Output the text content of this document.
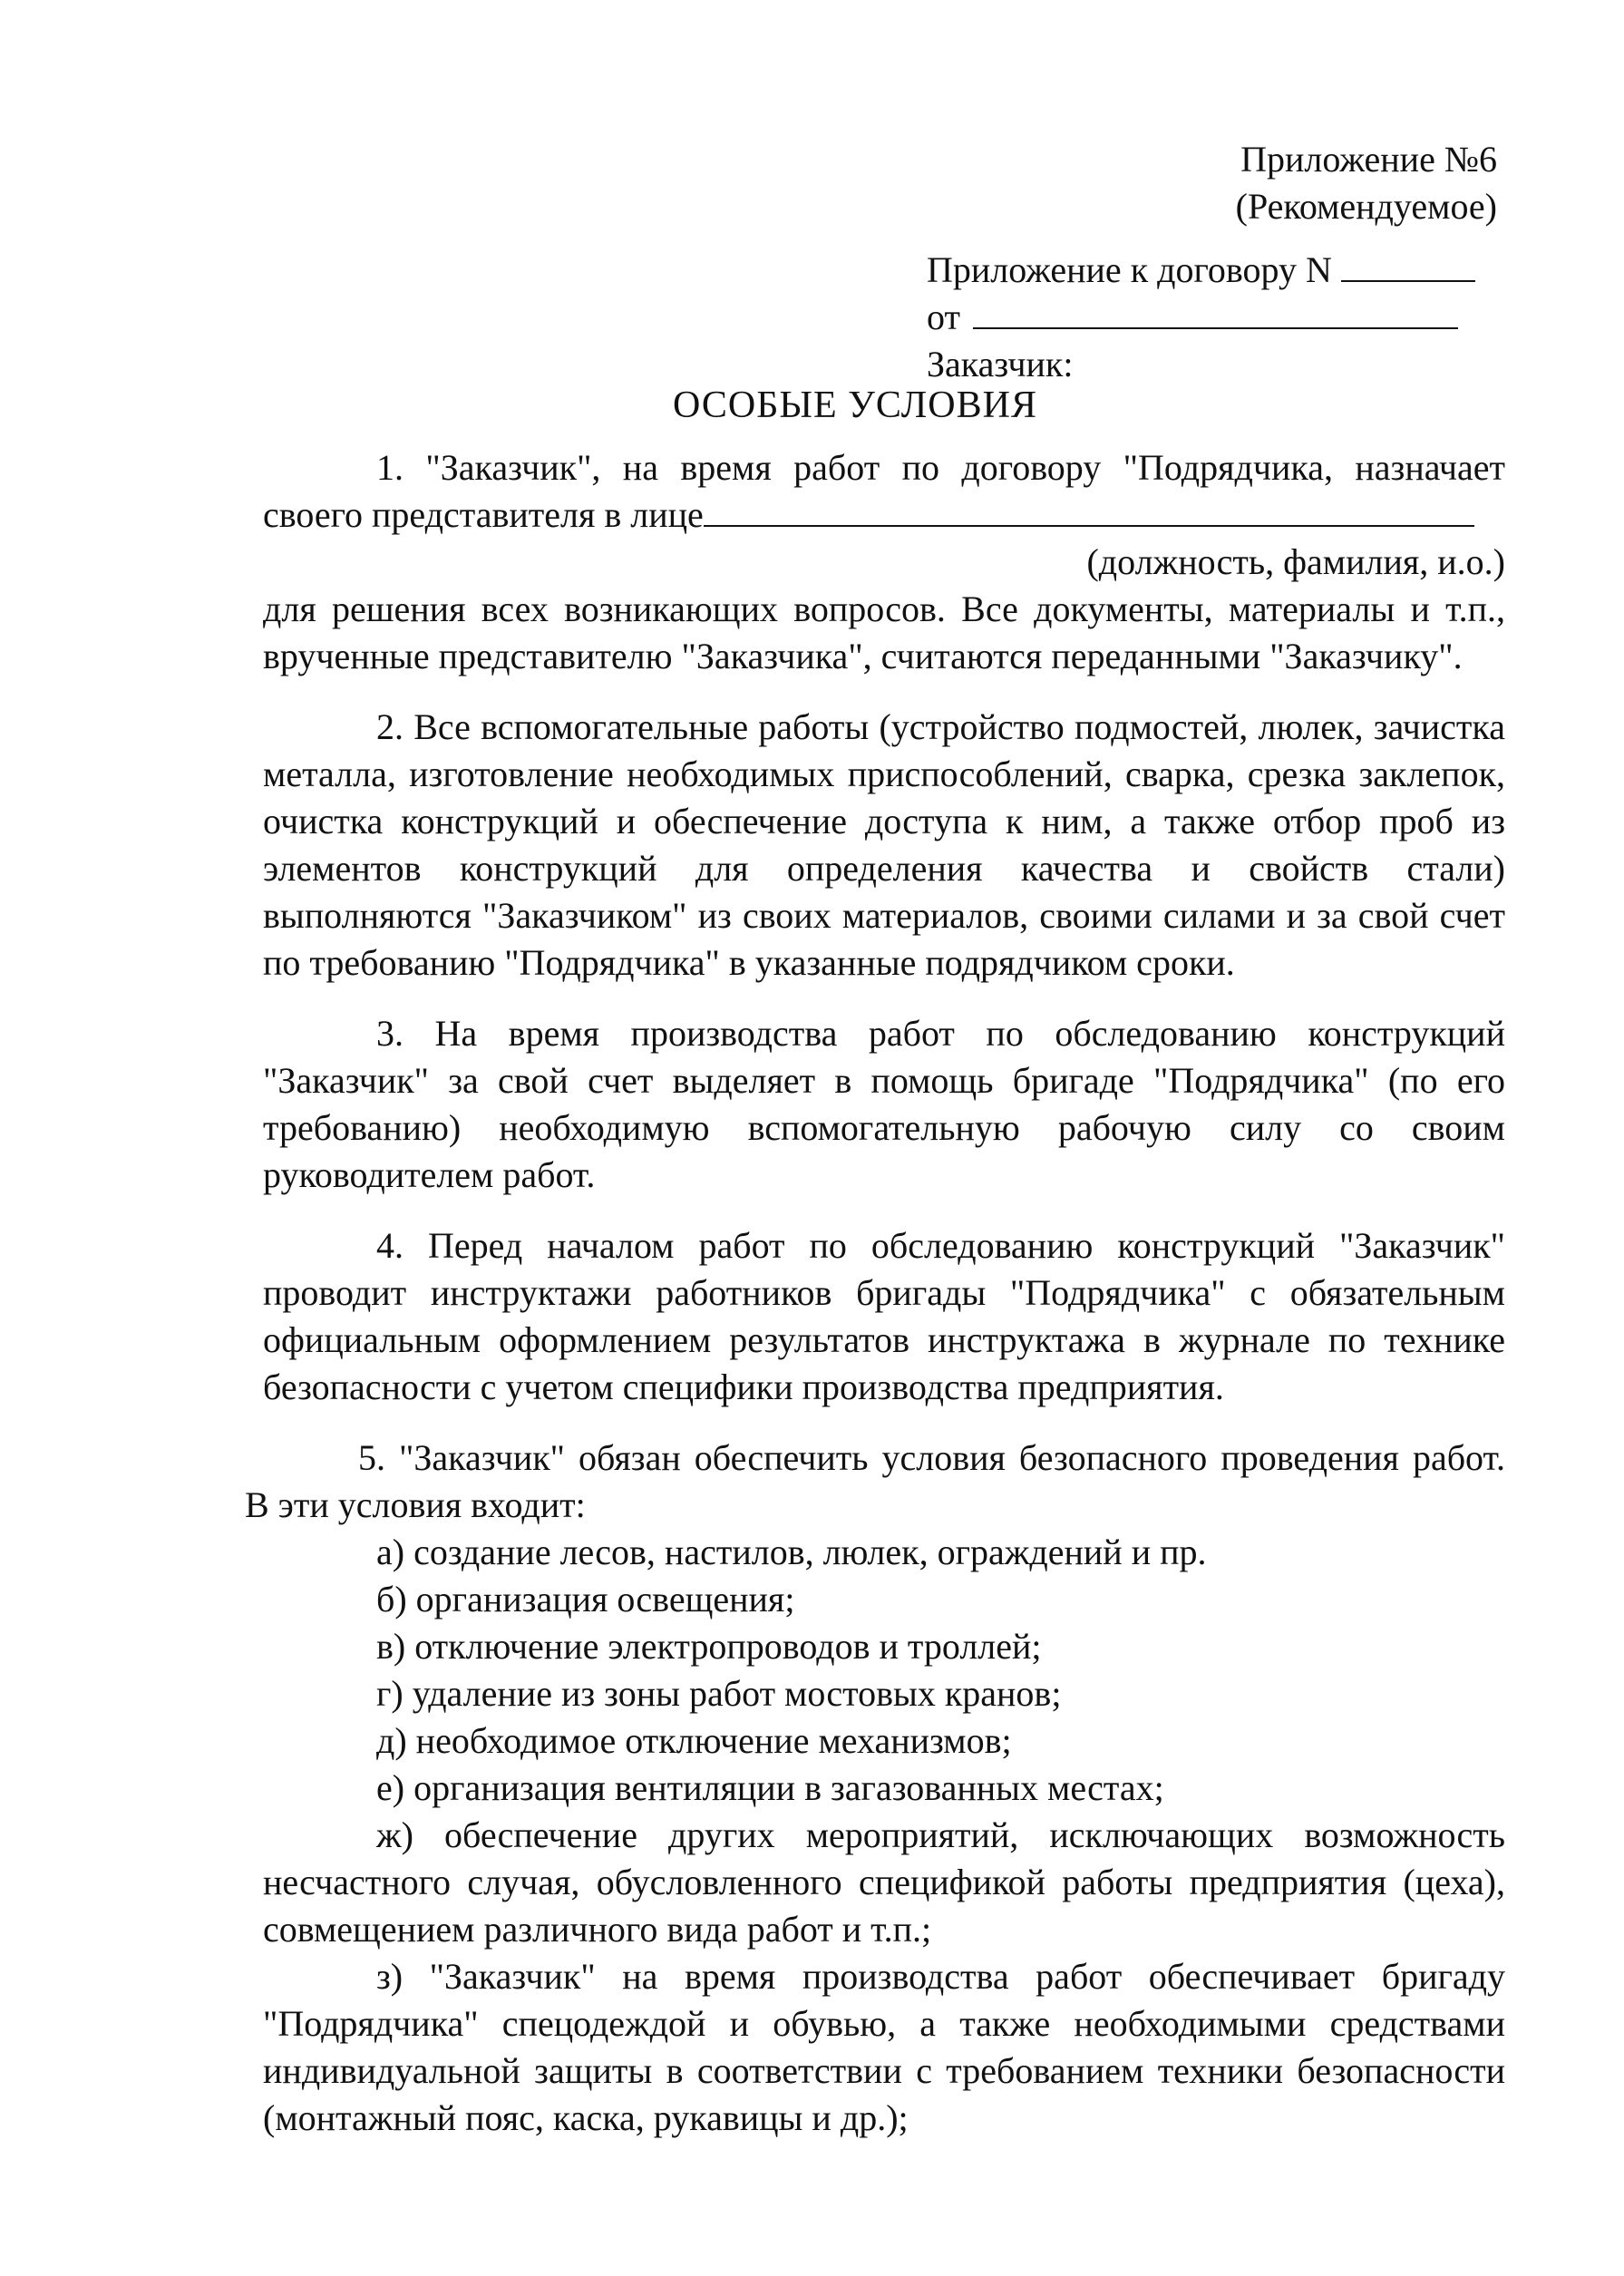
Приложение №6
(Рекомендуемое)
Приложение к договору N
от
Заказчик:
ОСОБЫЕ УСЛОВИЯ

1. "Заказчик", на время работ по договору "Подрядчика, назначает своего представителя в лице

(должность, фамилия, и.о.)

для решения всех возникающих вопросов. Все документы, материалы и т.п., врученные представителю "Заказчика", считаются переданными "Заказчику".

2. Все вспомогательные работы (устройство подмостей, люлек, зачистка металла, изготовление необходимых приспособлений, сварка, срезка заклепок, очистка конструкций и обеспечение доступа к ним, а также отбор проб из элементов конструкций для определения качества и свойств стали) выполняются "Заказчиком" из своих материалов, своими силами и за свой счет по требованию "Подрядчика" в указанные подрядчиком сроки.

3. На время производства работ по обследованию конструкций "Заказчик" за свой счет выделяет в помощь бригаде "Подрядчика" (по его требованию) необходимую вспомогательную рабочую силу со своим руководителем работ.

4. Перед началом работ по обследованию конструкций "Заказчик" проводит инструктажи работников бригады "Подрядчика" с обязательным официальным оформлением результатов инструктажа в журнале по технике безопасности с учетом специфики производства предприятия.

5. "Заказчик" обязан обеспечить условия безопасного проведения работ. В эти условия входит:

а) создание лесов, настилов, люлек, ограждений и пр.

б) организация освещения;

в) отключение электропроводов и троллей;

г) удаление из зоны работ мостовых кранов;

д) необходимое отключение механизмов;

е) организация вентиляции в загазованных местах;

ж) обеспечение других мероприятий, исключающих возможность несчастного случая, обусловленного спецификой работы предприятия (цеха), совмещением различного вида работ и т.п.;

з) "Заказчик" на время производства работ обеспечивает бригаду "Подрядчика" спецодеждой и обувью, а также необходимыми средствами индивидуальной защиты в соответствии с требованием техники безопасности (монтажный пояс, каска, рукавицы и др.);
